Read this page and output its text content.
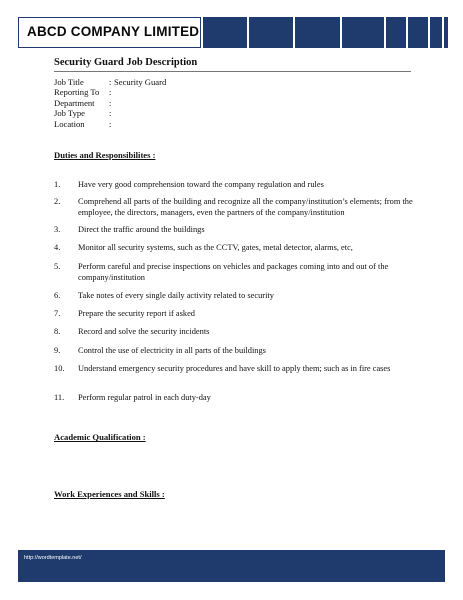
ABCD COMPANY LIMITED
Security Guard Job Description
Job Title	: Security Guard
Reporting To	:
Department	:
Job Type	:
Location	:
Duties and Responsibilites :
1.	Have very good comprehension toward the company regulation and rules
2.	Comprehend all parts of the building and recognize all the company/institution’s elements; from the employee, the directors, managers, even the partners of the company/institution
3.	Direct the traffic around the buildings
4.	Monitor all security systems, such as the CCTV, gates, metal detector, alarms, etc,
5.	Perform careful and precise inspections on vehicles and packages coming into and out of the company/institution
6.	Take notes of every single daily activity related to security
7.	Prepare the security report if asked
8.	Record and solve the security incidents
9.	Control the use of electricity in all parts of the buildings
10.	Understand emergency security procedures and have skill to apply them; such as in fire cases
11.	Perform regular patrol in each duty-day
Academic Qualification :
Work Experiences and Skills :
http://wordtemplate.net/
